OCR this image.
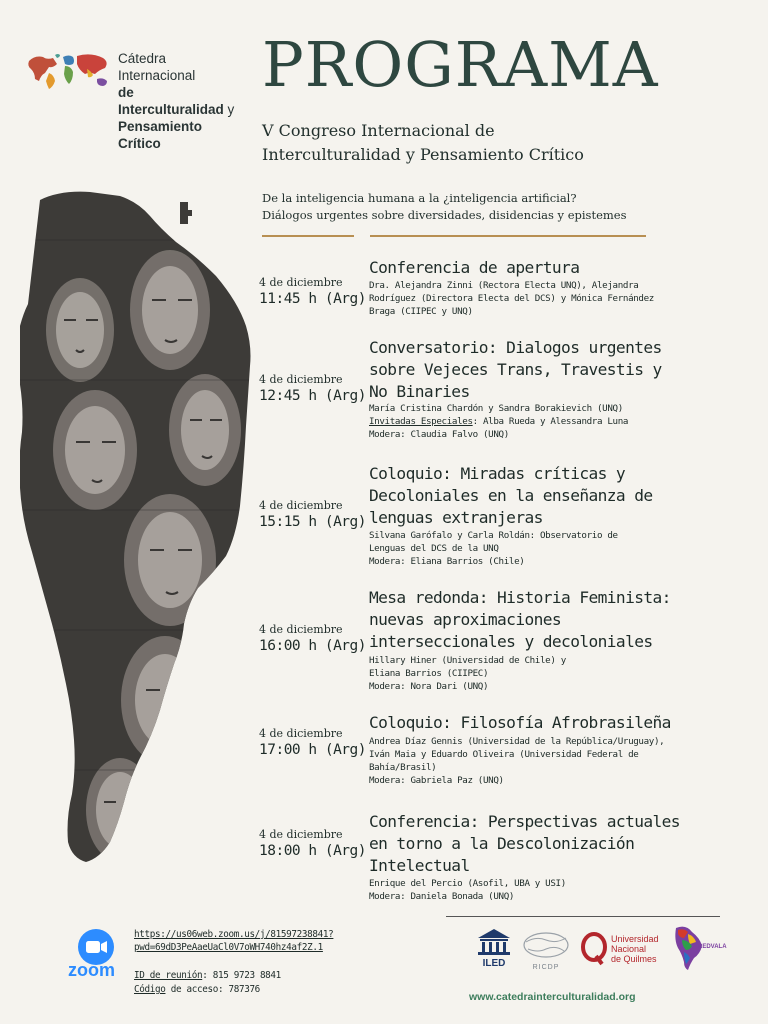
Cátedra Internacional
de Interculturalidad y
Pensamiento Crítico
PROGRAMA
V Congreso Internacional de
Interculturalidad y Pensamiento Crítico
De la inteligencia humana a la ¿inteligencia artificial?
Diálogos urgentes sobre diversidades, disidencias y epistemes
4 de diciembre
11:45 h (Arg)
Conferencia de apertura
Dra. Alejandra Zinni (Rectora Electa UNQ), Alejandra
Rodríguez (Directora Electa del DCS) y Mónica Fernández
Braga (CIIPEC y UNQ)
4 de diciembre
12:45 h (Arg)
Conversatorio: Dialogos urgentes
sobre Vejeces Trans, Travestis y
No Binaries
María Cristina Chardón y Sandra Borakievich (UNQ)
Invitadas Especiales: Alba Rueda y Alessandra Luna
Modera: Claudia Falvo (UNQ)
4 de diciembre
15:15 h (Arg)
Coloquio: Miradas críticas y
Decoloniales en la enseñanza de
lenguas extranjeras
Silvana Garófalo y Carla Roldán: Observatorio de
Lenguas del DCS de la UNQ
Modera: Eliana Barrios (Chile)
4 de diciembre
16:00 h (Arg)
Mesa redonda: Historia Feminista:
nuevas aproximaciones
interseccionales y decoloniales
Hillary Hiner (Universidad de Chile) y
Eliana Barrios (CIIPEC)
Modera: Nora Dari (UNQ)
4 de diciembre
17:00 h (Arg)
Coloquio: Filosofía Afrobrasileña
Andrea Díaz Gennis (Universidad de la República/Uruguay),
Iván Maia y Eduardo Oliveira (Universidad Federal de
Bahía/Brasil)
Modera: Gabriela Paz (UNQ)
4 de diciembre
18:00 h (Arg)
Conferencia: Perspectivas actuales
en torno a la Descolonización
Intelectual
Enrique del Percio (Asofil, UBA y USI)
Modera: Daniela Bonada (UNQ)
zoom
https://us06web.zoom.us/j/81597238841?
pwd=69dD3PeAaeUaCl0V7oWH740hz4af2Z.1
ID de reunión: 815 9723 8841
Código de acceso: 787376
ILED	RICDP
Universidad
Nacional
de Quilmes
REDVALA
www.catedrainterculturalidad.org
